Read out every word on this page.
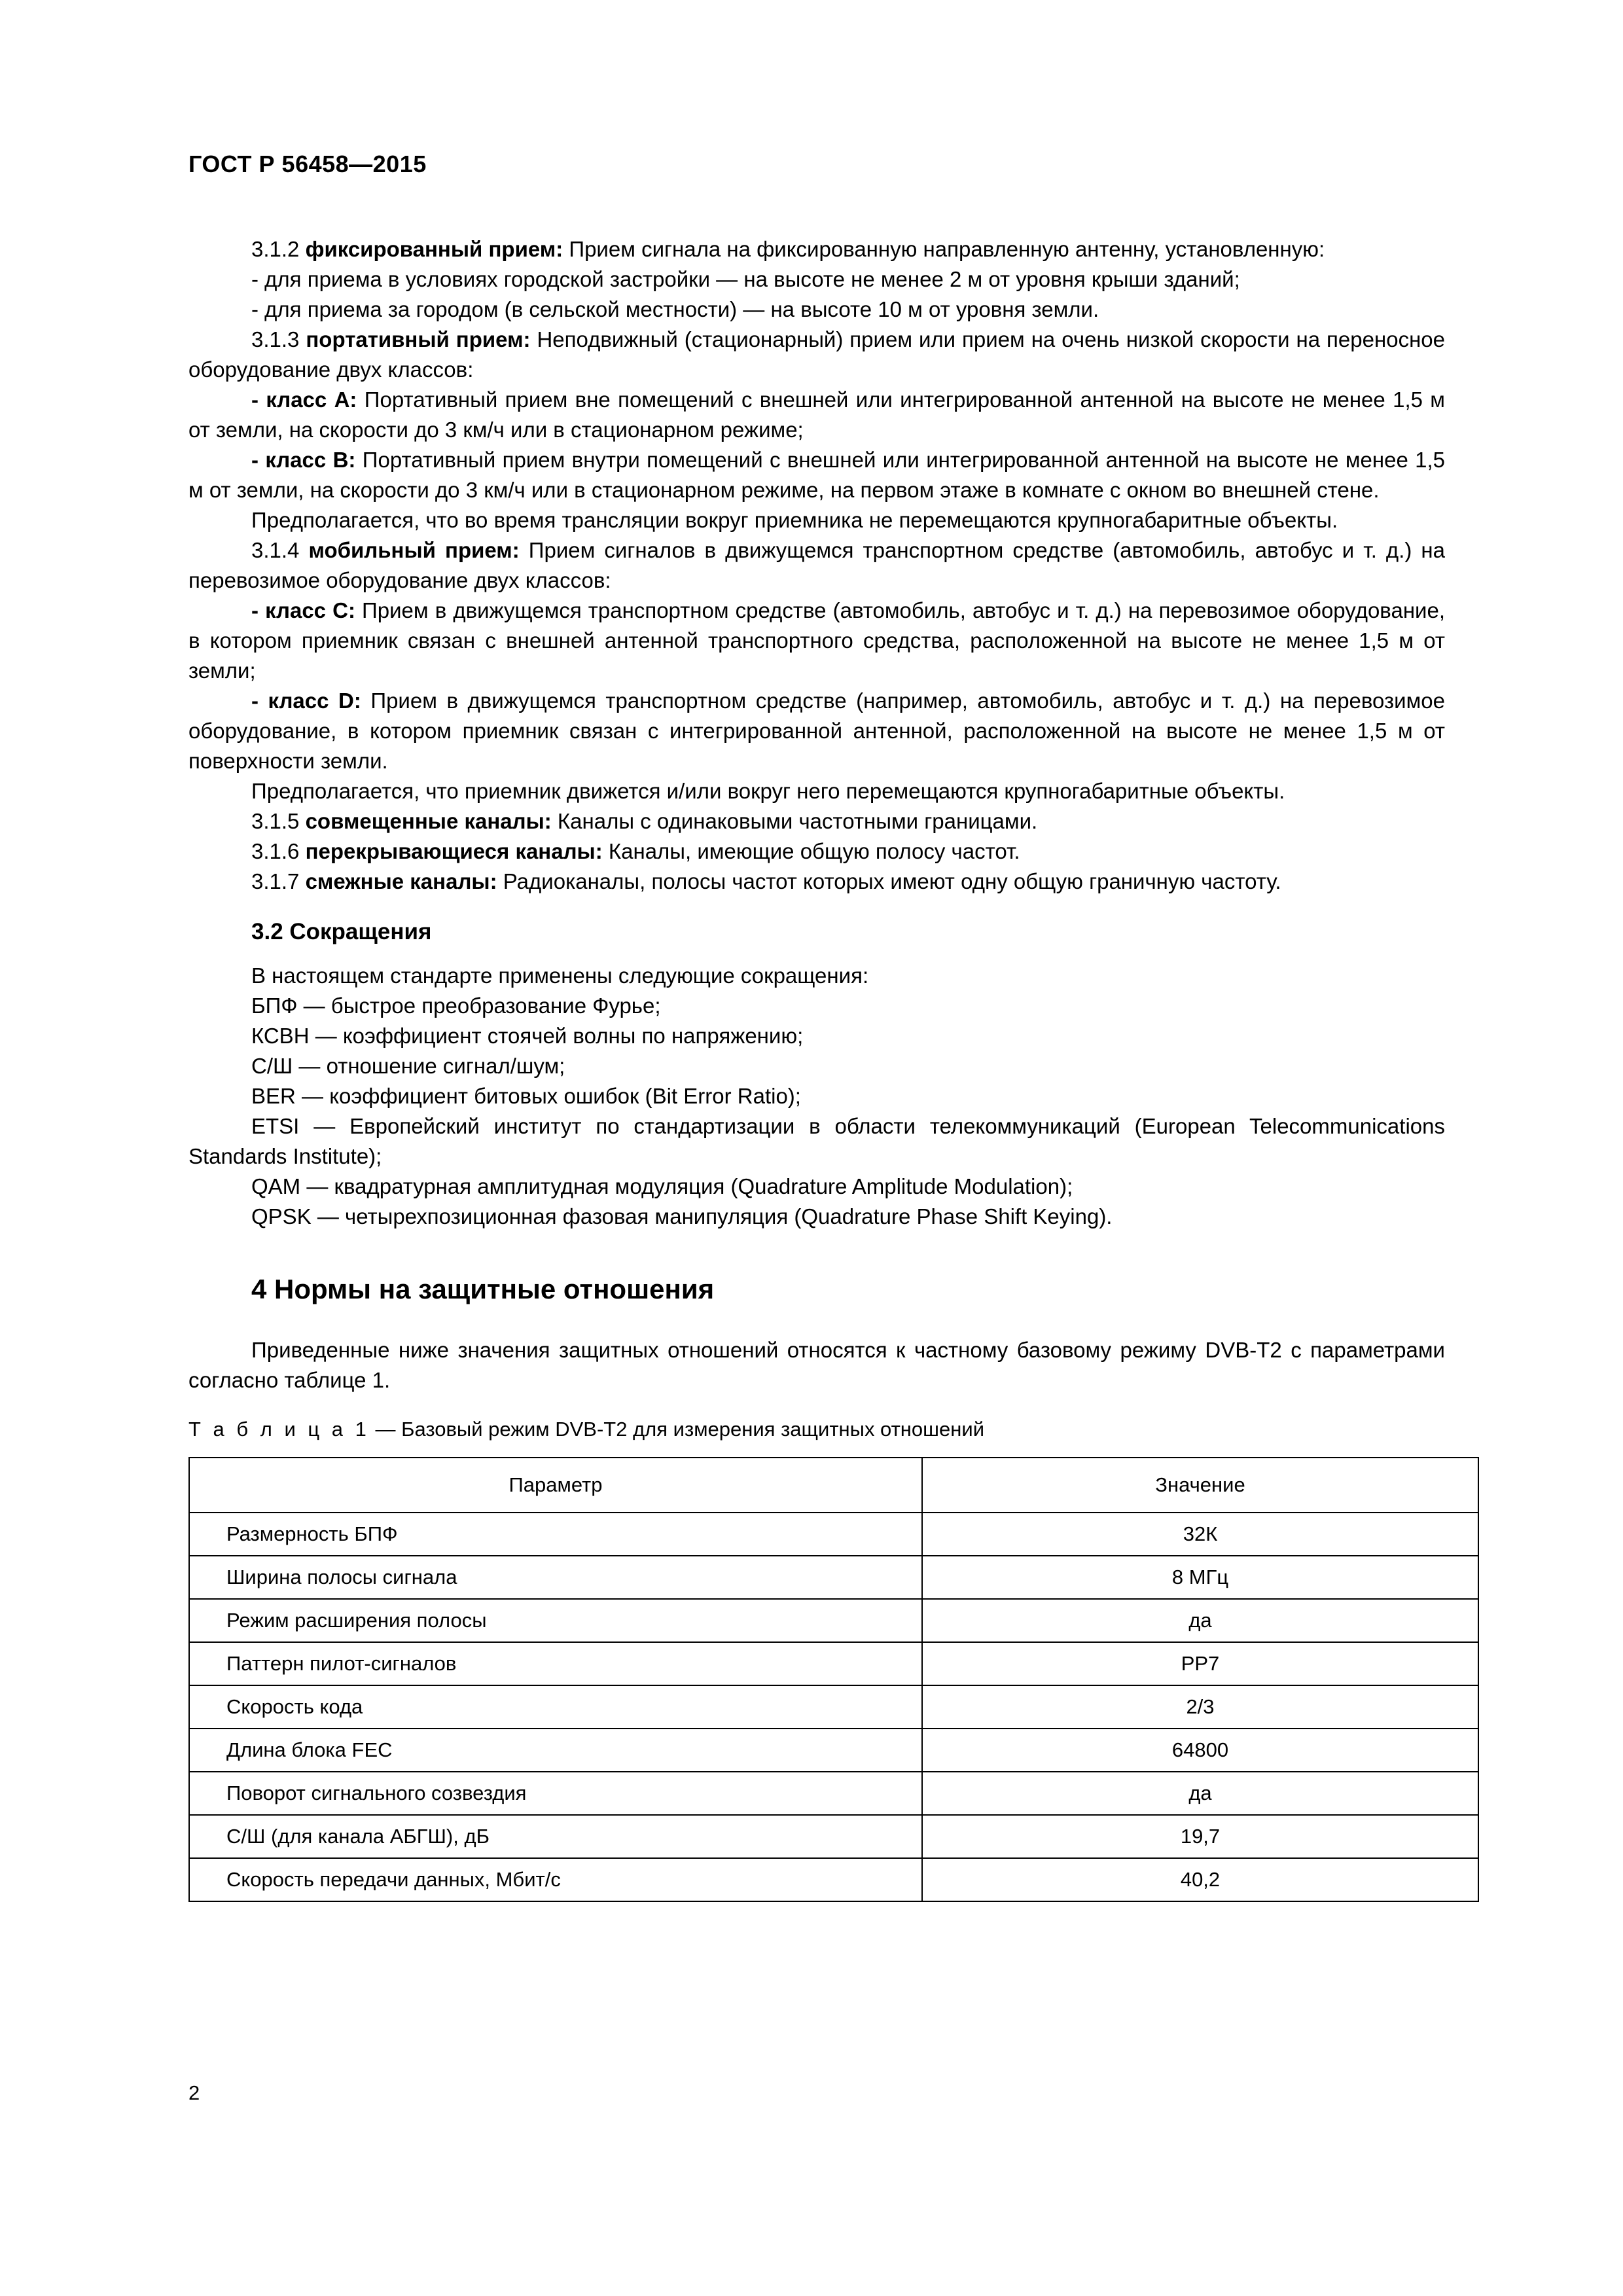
ГОСТ Р 56458—2015

3.1.2 фиксированный прием: Прием сигнала на фиксированную направленную антенну, установленную:

- для приема в условиях городской застройки — на высоте не менее 2 м от уровня крыши зданий;

- для приема за городом (в сельской местности) — на высоте 10 м от уровня земли.

3.1.3 портативный прием: Неподвижный (стационарный) прием или прием на очень низкой скорости на переносное оборудование двух классов:

- класс А: Портативный прием вне помещений с внешней или интегрированной антенной на высоте не менее 1,5 м от земли, на скорости до 3 км/ч или в стационарном режиме;

- класс В: Портативный прием внутри помещений с внешней или интегрированной антенной на высоте не менее 1,5 м от земли, на скорости до 3 км/ч или в стационарном режиме, на первом этаже в комнате с окном во внешней стене.

Предполагается, что во время трансляции вокруг приемника не перемещаются крупногабаритные объекты.

3.1.4 мобильный прием: Прием сигналов в движущемся транспортном средстве (автомобиль, автобус и т. д.) на перевозимое оборудование двух классов:

- класс С: Прием в движущемся транспортном средстве (автомобиль, автобус и т. д.) на перевозимое оборудование, в котором приемник связан с внешней антенной транспортного средства, расположенной на высоте не менее 1,5 м от земли;

- класс D: Прием в движущемся транспортном средстве (например, автомобиль, автобус и т. д.) на перевозимое оборудование, в котором приемник связан с интегрированной антенной, расположенной на высоте не менее 1,5 м от поверхности земли.

Предполагается, что приемник движется и/или вокруг него перемещаются крупногабаритные объекты.

3.1.5 совмещенные каналы: Каналы с одинаковыми частотными границами.

3.1.6 перекрывающиеся каналы: Каналы, имеющие общую полосу частот.

3.1.7 смежные каналы: Радиоканалы, полосы частот которых имеют одну общую граничную частоту.

3.2 Сокращения

В настоящем стандарте применены следующие сокращения:

БПФ — быстрое преобразование Фурье;

КСВН — коэффициент стоячей волны по напряжению;

С/Ш — отношение сигнал/шум;

BER — коэффициент битовых ошибок (Bit Error Ratio);

ETSI — Европейский институт по стандартизации в области телекоммуникаций (European Telecommunications Standards Institute);

QAM — квадратурная амплитудная модуляция (Quadrature Amplitude Modulation);

QPSK — четырехпозиционная фазовая манипуляция (Quadrature Phase Shift Keying).

4 Нормы на защитные отношения

Приведенные ниже значения защитных отношений относятся к частному базовому режиму DVB-T2 с параметрами согласно таблице 1.

Т а б л и ц а 1 — Базовый режим DVB-T2 для измерения защитных отношений
Параметр	Значение
Размерность БПФ	32К
Ширина полосы сигнала	8 МГц
Режим расширения полосы	да
Паттерн пилот-сигналов	PP7
Скорость кода	2/3
Длина блока FEC	64800
Поворот сигнального созвездия	да
С/Ш (для канала АБГШ), дБ	19,7
Скорость передачи данных, Мбит/с	40,2
2
